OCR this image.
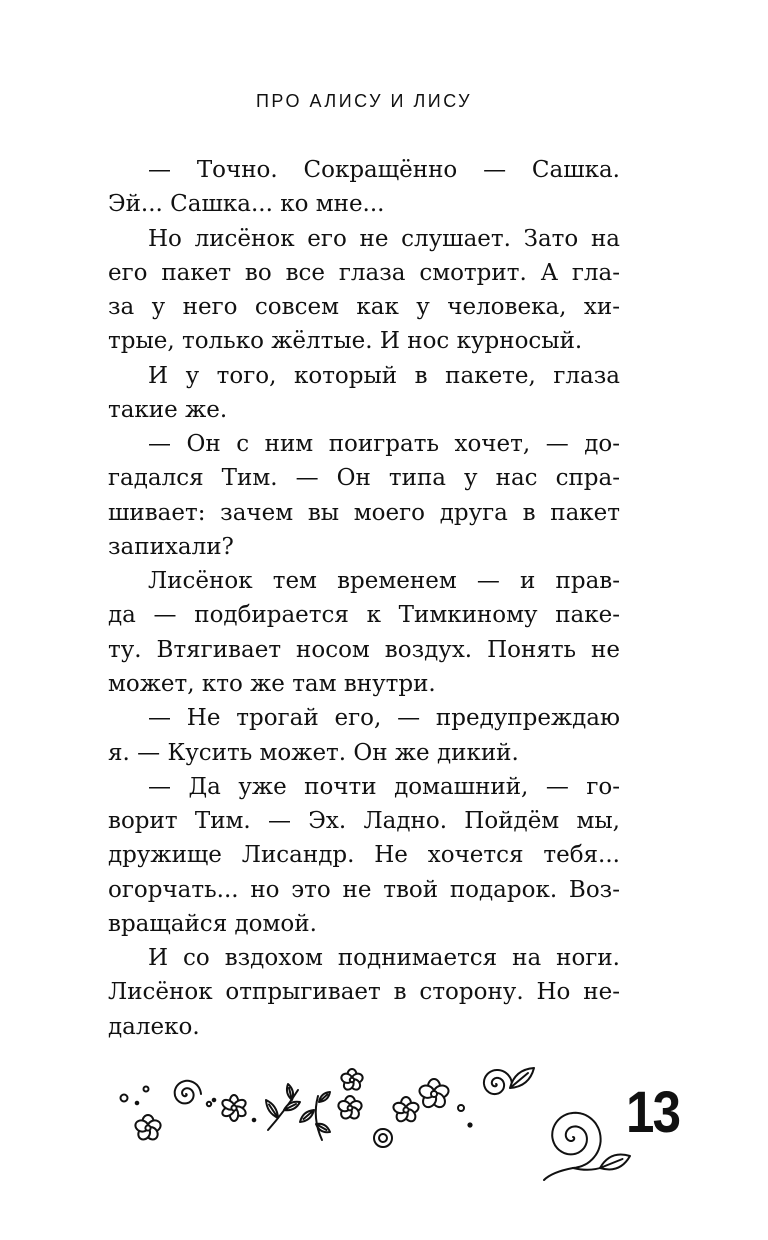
ПРО АЛИСУ И ЛИСУ
— Точно. Сокращённо — Сашка.
Эй... Сашка... ко мне...
Но лисёнок его не слушает. Зато на
его пакет во все глаза смотрит. А гла-
за у него совсем как у человека, хи-
трые, только жёлтые. И нос курносый.
И у того, который в пакете, глаза
такие же.
— Он с ним поиграть хочет, — до-
гадался Тим. — Он типа у нас спра-
шивает: зачем вы моего друга в пакет
запихали?
Лисёнок тем временем — и прав-
да — подбирается к Тимкиному паке-
ту. Втягивает носом воздух. Понять не
может, кто же там внутри.
— Не трогай его, — предупреждаю
я. — Кусить может. Он же дикий.
— Да уже почти домашний, — го-
ворит Тим. — Эх. Ладно. Пойдём мы,
дружище Лисандр. Не хочется тебя...
огорчать... но это не твой подарок. Воз-
вращайся домой.
И со вздохом поднимается на ноги.
Лисёнок отпрыгивает в сторону. Но не-
далеко.
13
